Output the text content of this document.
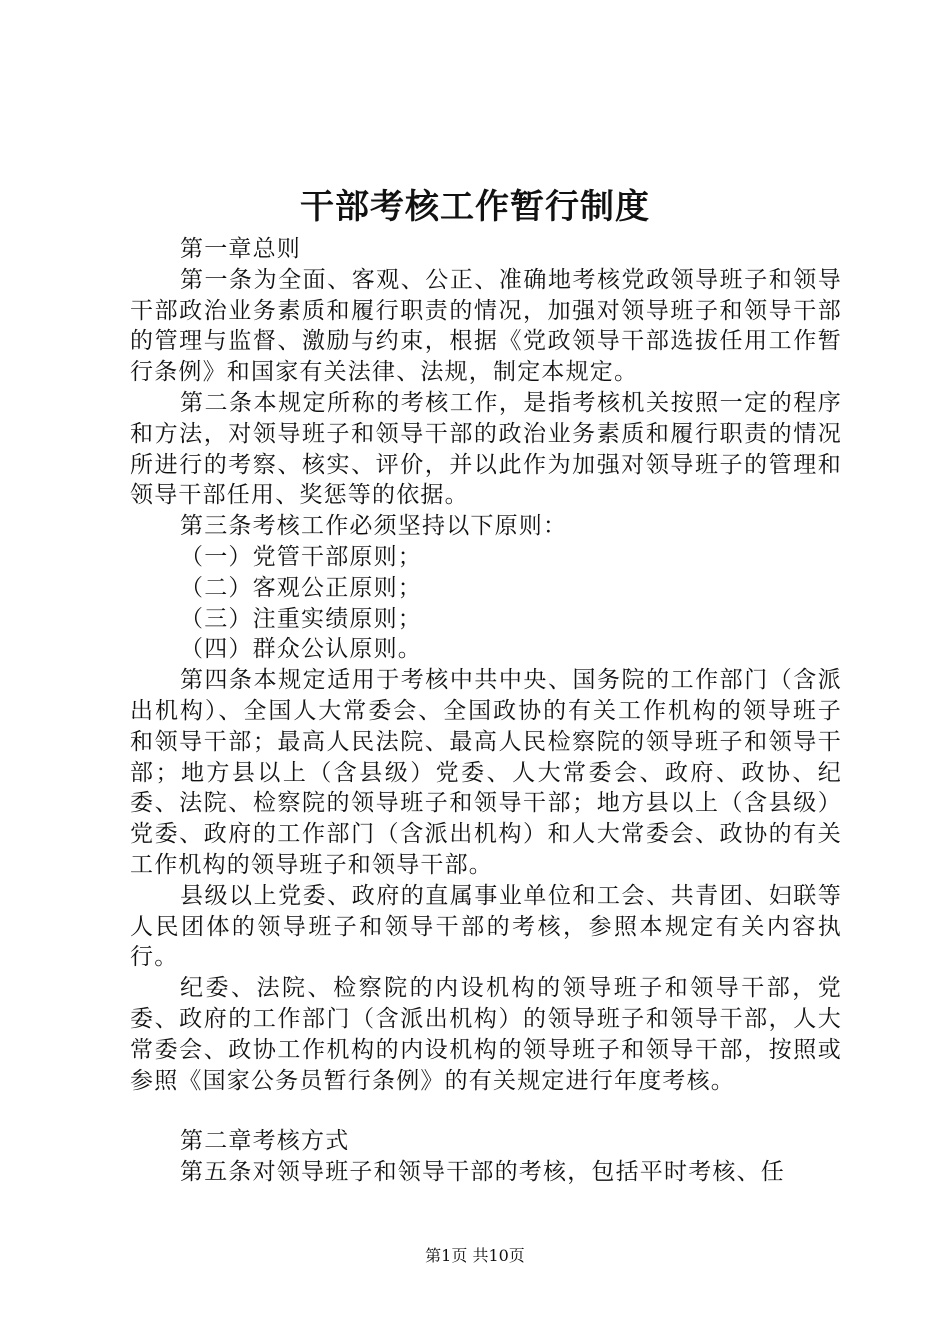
干部考核工作暂行制度

第一章总则

第一条为全面、客观、公正、准确地考核党政领导班子和领导干部政治业务素质和履行职责的情况，加强对领导班子和领导干部的管理与监督、激励与约束，根据《党政领导干部选拔任用工作暂行条例》和国家有关法律、法规，制定本规定。

第二条本规定所称的考核工作，是指考核机关按照一定的程序和方法，对领导班子和领导干部的政治业务素质和履行职责的情况所进行的考察、核实、评价，并以此作为加强对领导班子的管理和领导干部任用、奖惩等的依据。

第三条考核工作必须坚持以下原则：

（一）党管干部原则；

（二）客观公正原则；

（三）注重实绩原则；

（四）群众公认原则。

第四条本规定适用于考核中共中央、国务院的工作部门（含派出机构）、全国人大常委会、全国政协的有关工作机构的领导班子和领导干部；最高人民法院、最高人民检察院的领导班子和领导干部；地方县以上（含县级）党委、人大常委会、政府、政协、纪委、法院、检察院的领导班子和领导干部；地方县以上（含县级）党委、政府的工作部门（含派出机构）和人大常委会、政协的有关工作机构的领导班子和领导干部。

县级以上党委、政府的直属事业单位和工会、共青团、妇联等人民团体的领导班子和领导干部的考核，参照本规定有关内容执行。

纪委、法院、检察院的内设机构的领导班子和领导干部，党委、政府的工作部门（含派出机构）的领导班子和领导干部，人大常委会、政协工作机构的内设机构的领导班子和领导干部，按照或参照《国家公务员暂行条例》的有关规定进行年度考核。

第二章考核方式

第五条对领导班子和领导干部的考核，包括平时考核、任

第1页 共10页
